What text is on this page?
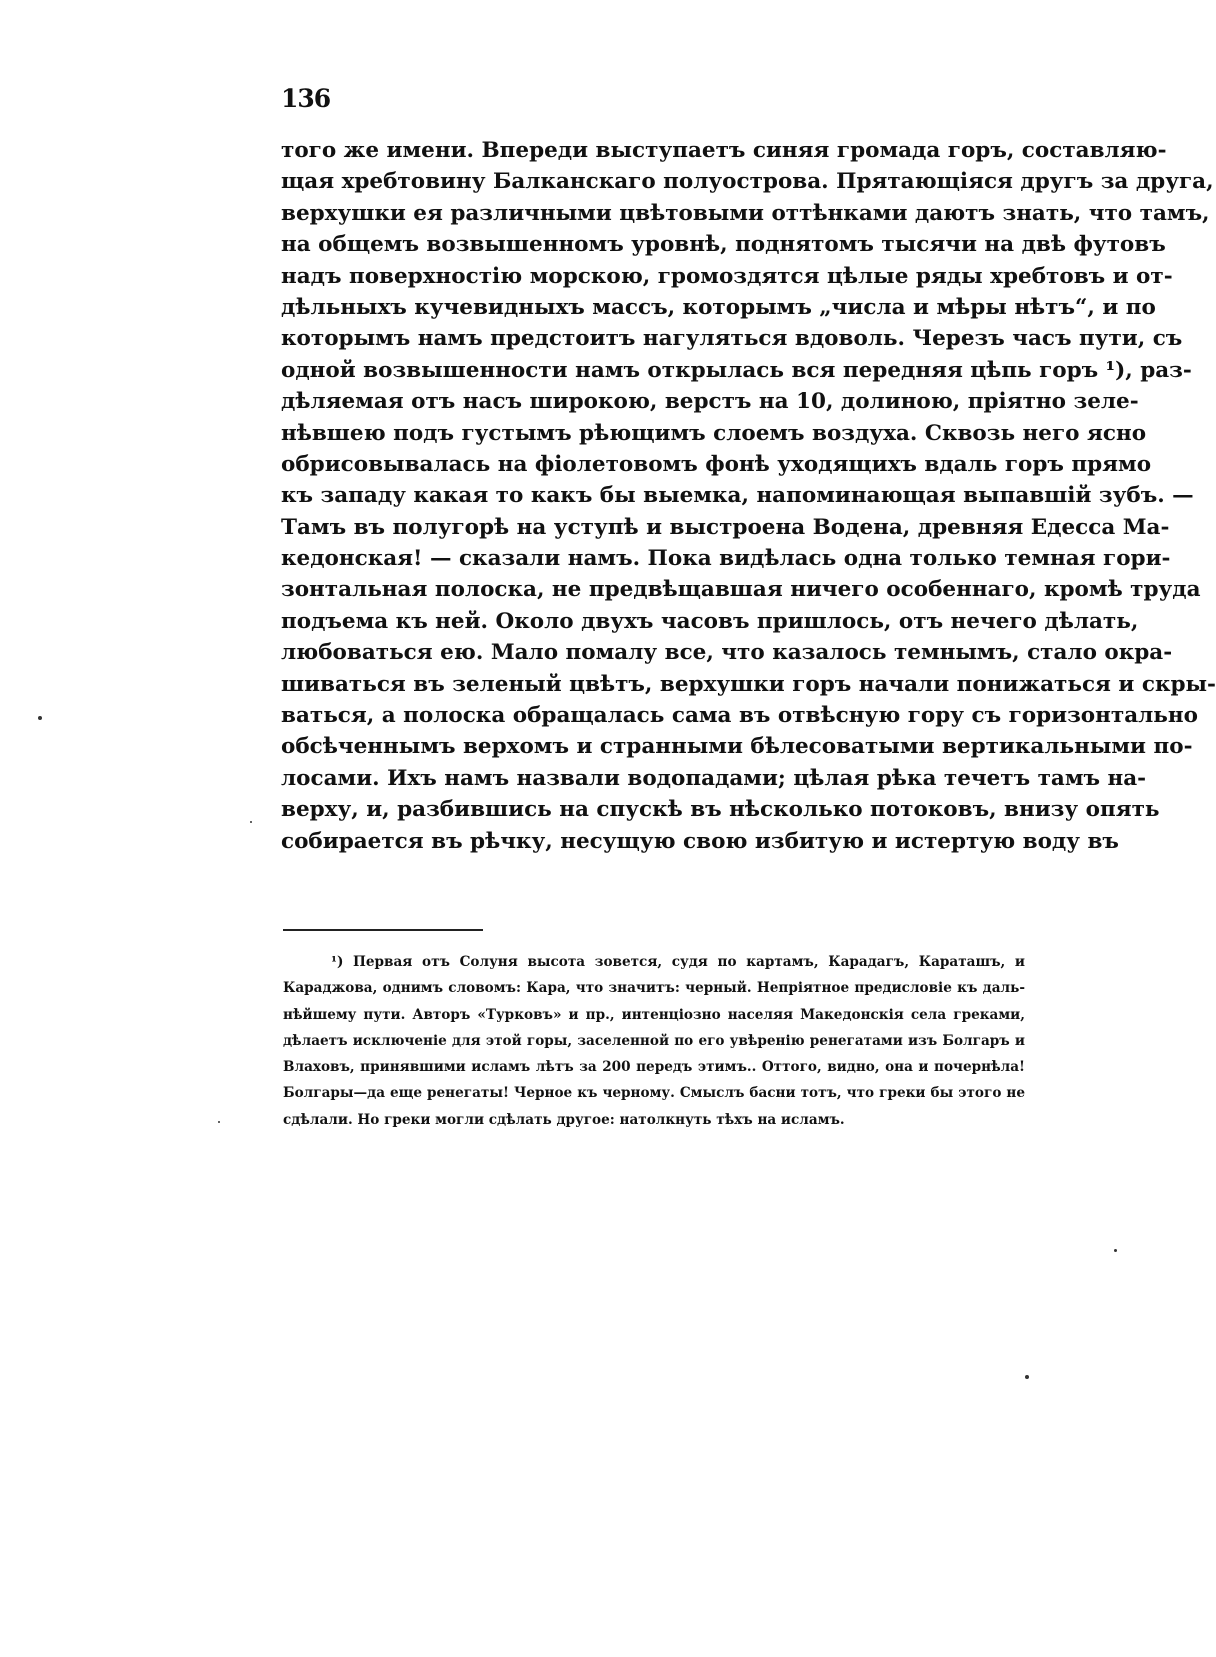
136
того же имени. Впереди выступаетъ синяя громада горъ, составляю-
щая хребтовину Балканскаго полуострова. Прятающiяся другъ за друга,
верхушки ея различными цвѣтовыми оттѣнками даютъ знать, что тамъ,
на общемъ возвышенномъ уровнѣ, поднятомъ тысячи на двѣ футовъ
надъ поверхностiю морскою, громоздятся цѣлые ряды хребтовъ и от-
дѣльныхъ кучевидныхъ массъ, которымъ „числа и мѣры нѣтъ“, и по
которымъ намъ предстоитъ нагуляться вдоволь. Черезъ часъ пути, съ
одной возвышенности намъ открылась вся передняя цѣпь горъ ¹), раз-
дѣляемая отъ насъ широкою, верстъ на 10, долиною, прiятно зеле-
нѣвшею подъ густымъ рѣющимъ слоемъ воздуха. Сквозь него ясно
обрисовывалась на фiолетовомъ фонѣ уходящихъ вдаль горъ прямо
къ западу какая то какъ бы выемка, напоминающая выпавшiй зубъ. —
Тамъ въ полугорѣ на уступѣ и выстроена Водена, древняя Едесса Ма-
кедонская! — сказали намъ. Пока видѣлась одна только темная гори-
зонтальная полоска, не предвѣщавшая ничего особеннаго, кромѣ труда
подъема къ ней. Около двухъ часовъ пришлось, отъ нечего дѣлать,
любоваться ею. Мало помалу все, что казалось темнымъ, стало окра-
шиваться въ зеленый цвѣтъ, верхушки горъ начали понижаться и скры-
ваться, а полоска обращалась сама въ отвѣсную гору съ горизонтально
обсѣченнымъ верхомъ и странными бѣлесоватыми вертикальными по-
лосами. Ихъ намъ назвали водопадами; цѣлая рѣка течетъ тамъ на-
верху, и, разбившись на спускѣ въ нѣсколько потоковъ, внизу опять
собирается въ рѣчку, несущую свою избитую и истертую воду въ
¹) Первая отъ Солуня высота зовется, судя по картамъ, Карадагъ, Караташъ, и
Караджова, однимъ словомъ: Кара, что значитъ: черный. Непрiятное предисловiе къ даль-
нѣйшему пути. Авторъ «Турковъ» и пр., интенцiозно населяя Македонскiя села греками,
дѣлаетъ исключенiе для этой горы, заселенной по его увѣренiю ренегатами изъ Болгаръ и
Влаховъ, принявшими исламъ лѣтъ за 200 передъ этимъ.. Оттого, видно, она и почернѣла!
Болгары—да еще ренегаты! Черное къ черному. Смыслъ басни тотъ, что греки бы этого не
сдѣлали. Но греки могли сдѣлать другое: натолкнуть тѣхъ на исламъ.
